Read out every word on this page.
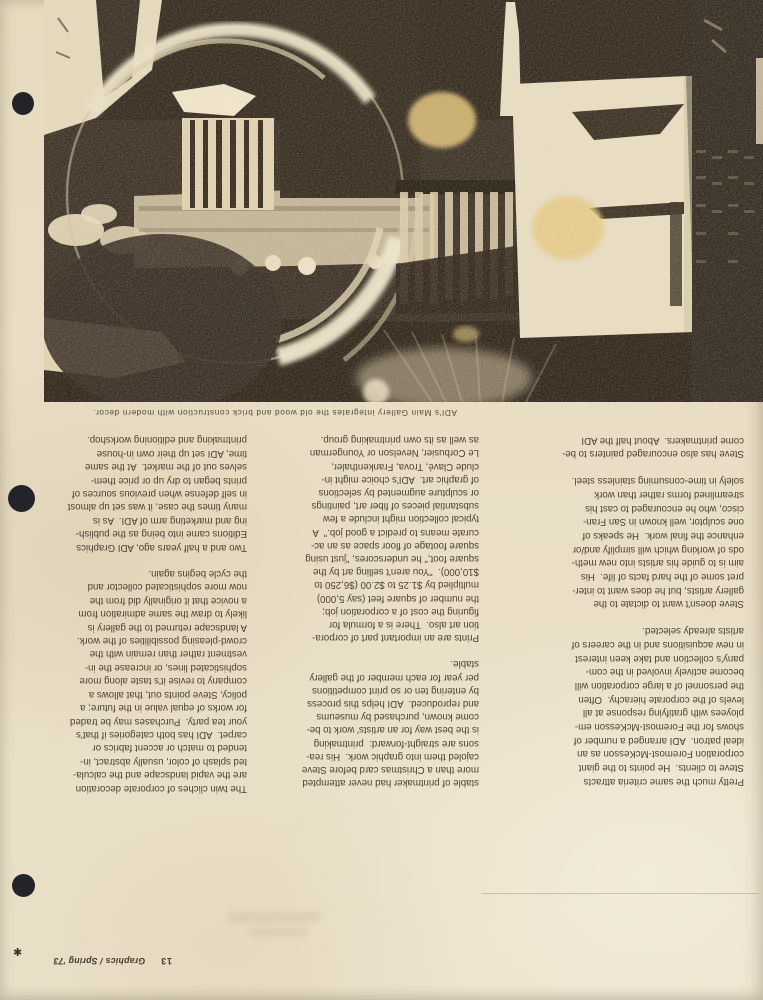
ADI's Main Gallery integrates the old wood and brick construction with modern decor.
Pretty much the same criteria attracts
Steve to clients.  He points to the giant
corporation Foremost-McKesson as an
ideal patron.  ADI arranged a number of
shows for the Foremost-McKesson em-
ployees with gratifying response at all
levels of the corporate hierachy.  Often
the personnel of a large corporation will
become actively involved in the com-
pany's collection and take keen interest
in new acquisitions and in the careers of
artists already selected.
Steve doesn't want to dictate to the
gallery artists, but he does want to inter-
pret some of the hard facts of life.  His
aim is to guide his artists into new meth-
ods of working which will simplify and/or
enhance the final work.  He speaks of
one sculptor, well known in San Fran-
cisco, who he encouraged to cast his
streamlined forms rather than work
solely in time-consuming stainless steel.
Steve has also encouraged painters to be-
come printmakers.  About half the ADI
stable of printmaker had never attempted
more than a Christmas card before Steve
cajoled them into graphic work.  His rea-
sons are straight-forward:  printmaking
is the best way for an artists' work to be-
come known, purchased by museums
and reproduced.  ADI helps this process
by entering ten or so print competitions
per year for each member of the gallery
stable.
Prints are an important part of corpora-
tion art also.  There is a formula for
figuring the cost of a corporation job;
the number of square feet (say 5,000)
multiplied by $1.25 to $2.00 ($6,250 to
$10,000).  "You aren't selling art by the
square foot," he underscores, "just using
square footage of floor space as an ac-
curate means to predict a good job."  A
typical collection might include a few
substantial pieces of fiber art, paintings
or sculpture augmented by selections
of graphic art.  ADI's choice might in-
clude Clavé, Trova, Frankenthaler,
Le Corbusier, Nevelson or Youngerman
as well as its own printmaking group.
The twin cliches of corporate decoration
are the vapid landscape and the calcula-
ted splash of color, usually abstract, in-
tended to match or accent fabrics or
carpet.  ADI has both categories if that's
your tea party.  Purchases may be traded
for works of equal value in the future; a
policy, Steve points out, that allows a
company to revise it's taste along more
sophisticated lines, or increase the in-
vestment rather than remain with the
crowd-pleasing possibilities of the work.
A landscape returned to the gallery is
likely to draw the same admiration from
a novice that it originally did from the
now more sophisticated collector and
the cycle begins again.
Two and a half years ago, ADI Graphics
Editions came into being as the publish-
ing and marketing arm of ADI.  As is
many times the case, it was set up almost
in self defense when previous sources of
prints began to dry up or price them-
selves out of the market.  At the same
time, ADI set up their own in-house
printmaking and editioning workshop.
13
Graphics / Spring '73
✱
